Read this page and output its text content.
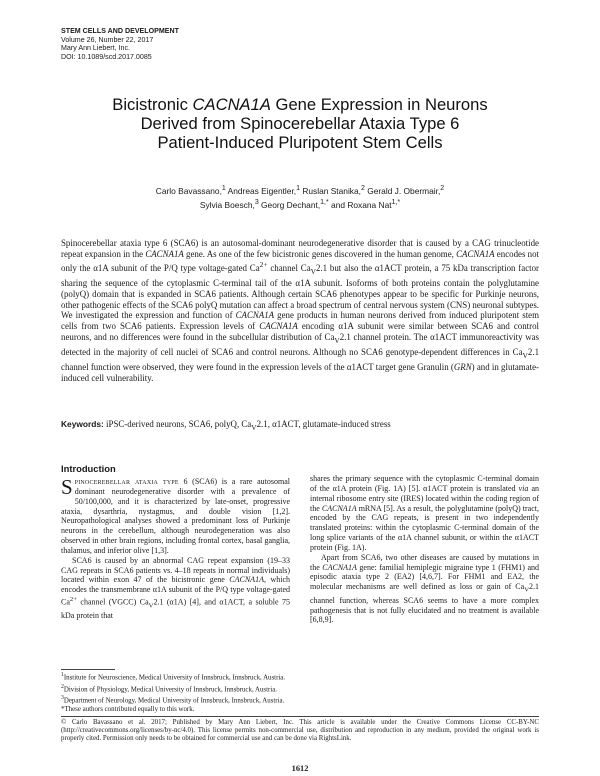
STEM CELLS AND DEVELOPMENT
Volume 26, Number 22, 2017
Mary Ann Liebert, Inc.
DOI: 10.1089/scd.2017.0085
Bicistronic CACNA1A Gene Expression in Neurons
Derived from Spinocerebellar Ataxia Type 6
Patient-Induced Pluripotent Stem Cells
Carlo Bavassano,$^1$ Andreas Eigentler,$^1$ Ruslan Stanika,$^2$ Gerald J. Obermair,$^2$
Sylvia Boesch,$^3$ Georg Dechant,$^{1,*}$ and Roxana Nat$^{1,*}$
Spinocerebellar ataxia type 6 (SCA6) is an autosomal-dominant neurodegenerative disorder that is caused by a CAG trinucleotide repeat expansion in the CACNA1A gene. As one of the few bicistronic genes discovered in the human genome, CACNA1A encodes not only the α1A subunit of the P/Q type voltage-gated $Ca^{2+}$ channel $Ca_V2.1$ but also the α1ACT protein, a 75 kDa transcription factor sharing the sequence of the cytoplasmic C-terminal tail of the α1A subunit. Isoforms of both proteins contain the polyglutamine (polyQ) domain that is expanded in SCA6 patients. Although certain SCA6 phenotypes appear to be specific for Purkinje neurons, other pathogenic effects of the SCA6 polyQ mutation can affect a broad spectrum of central nervous system (CNS) neuronal subtypes. We investigated the expression and function of CACNA1A gene products in human neurons derived from induced pluripotent stem cells from two SCA6 patients. Expression levels of CACNA1A encoding α1A subunit were similar between SCA6 and control neurons, and no differences were found in the subcellular distribution of $Ca_V2.1$ channel protein. The α1ACT immunoreactivity was detected in the majority of cell nuclei of SCA6 and control neurons. Although no SCA6 genotype-dependent differences in $Ca_V2.1$ channel function were observed, they were found in the expression levels of the α1ACT target gene Granulin (GRN) and in glutamate-induced cell vulnerability.
Keywords: iPSC-derived neurons, SCA6, polyQ, $Ca_V2.1$, α1ACT, glutamate-induced stress
Introduction

Spinocerebellar ataxia type 6 (SCA6) is a rare autosomal dominant neurodegenerative disorder with a prevalence of 50/100,000, and it is characterized by late-onset, progressive ataxia, dysarthria, nystagmus, and double vision [1,2]. Neuropathological analyses showed a predominant loss of Purkinje neurons in the cerebellum, although neurodegeneration was also observed in other brain regions, including frontal cortex, basal ganglia, thalamus, and inferior olive [1,3].

SCA6 is caused by an abnormal CAG repeat expansion (19–33 CAG repeats in SCA6 patients vs. 4–18 repeats in normal individuals) located within exon 47 of the bicistronic gene CACNA1A, which encodes the transmembrane α1A subunit of the P/Q type voltage-gated $Ca^{2+}$ channel (VGCC) $Ca_V2.1$ (α1A) [4], and α1ACT, a soluble 75 kDa protein that

shares the primary sequence with the cytoplasmic C-terminal domain of the α1A protein (Fig. 1A) [5]. α1ACT protein is translated via an internal ribosome entry site (IRES) located within the coding region of the CACNA1A mRNA [5]. As a result, the polyglutamine (polyQ) tract, encoded by the CAG repeats, is present in two independently translated proteins: within the cytoplasmic C-terminal domain of the long splice variants of the α1A channel subunit, or within the α1ACT protein (Fig. 1A).

Apart from SCA6, two other diseases are caused by mutations in the CACNA1A gene: familial hemiplegic migraine type 1 (FHM1) and episodic ataxia type 2 (EA2) [4,6,7]. For FHM1 and EA2, the molecular mechanisms are well defined as loss or gain of $Ca_V2.1$ channel function, whereas SCA6 seems to have a more complex pathogenesis that is not fully elucidated and no treatment is available [6,8,9].

$^1$Institute for Neuroscience, Medical University of Innsbruck, Innsbruck, Austria.
$^2$Division of Physiology, Medical University of Innsbruck, Innsbruck, Austria.
$^3$Department of Neurology, Medical University of Innsbruck, Innsbruck, Austria.
*These authors contributed equally to this work.
© Carlo Bavassano et al. 2017; Published by Mary Ann Liebert, Inc. This article is available under the Creative Commons License CC-BY-NC (http://creativecommons.org/licenses/by-nc/4.0). This license permits non-commercial use, distribution and reproduction in any medium, provided the original work is properly cited. Permission only needs to be obtained for commercial use and can be done via RightsLink.
1612
